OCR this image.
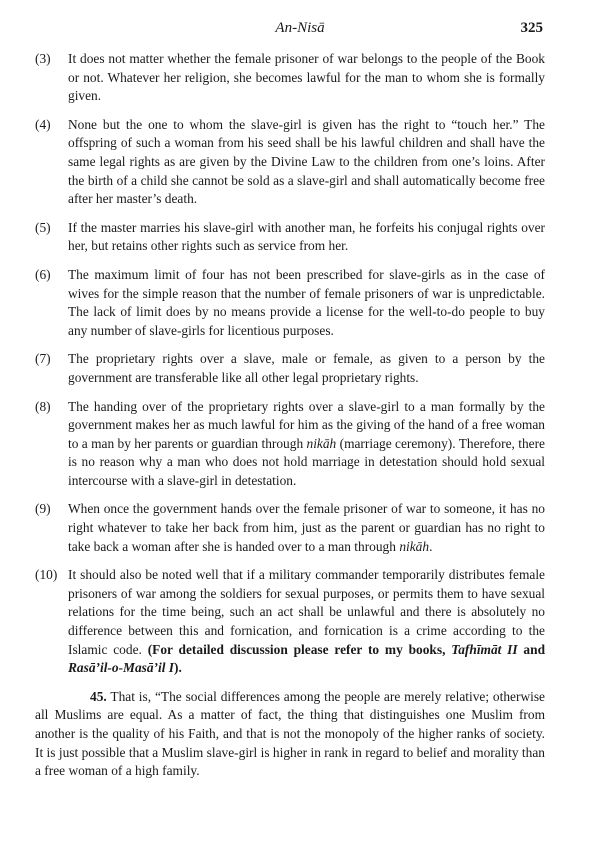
An-Nisā	325
(3) It does not matter whether the female prisoner of war belongs to the people of the Book or not. Whatever her religion, she becomes lawful for the man to whom she is formally given.
(4) None but the one to whom the slave-girl is given has the right to “touch her.” The offspring of such a woman from his seed shall be his lawful children and shall have the same legal rights as are given by the Divine Law to the children from one’s loins. After the birth of a child she cannot be sold as a slave-girl and shall automatically become free after her master’s death.
(5) If the master marries his slave-girl with another man, he forfeits his conjugal rights over her, but retains other rights such as service from her.
(6) The maximum limit of four has not been prescribed for slave-girls as in the case of wives for the simple reason that the number of female prisoners of war is unpredictable. The lack of limit does by no means provide a license for the well-to-do people to buy any number of slave-girls for licentious purposes.
(7) The proprietary rights over a slave, male or female, as given to a person by the government are transferable like all other legal proprietary rights.
(8) The handing over of the proprietary rights over a slave-girl to a man formally by the government makes her as much lawful for him as the giving of the hand of a free woman to a man by her parents or guardian through nikāh (marriage ceremony). Therefore, there is no reason why a man who does not hold marriage in detestation should hold sexual intercourse with a slave-girl in detestation.
(9) When once the government hands over the female prisoner of war to someone, it has no right whatever to take her back from him, just as the parent or guardian has no right to take back a woman after she is handed over to a man through nikāh.
(10) It should also be noted well that if a military commander temporarily distributes female prisoners of war among the soldiers for sexual purposes, or permits them to have sexual relations for the time being, such an act shall be unlawful and there is absolutely no difference between this and fornication, and fornication is a crime according to the Islamic code. (For detailed discussion please refer to my books, Tafhīmāt II and Rasā’il-o-Masā’il I).
45. That is, “The social differences among the people are merely relative; otherwise all Muslims are equal. As a matter of fact, the thing that distinguishes one Muslim from another is the quality of his Faith, and that is not the monopoly of the higher ranks of society. It is just possible that a Muslim slave-girl is higher in rank in regard to belief and morality than a free woman of a high family.
